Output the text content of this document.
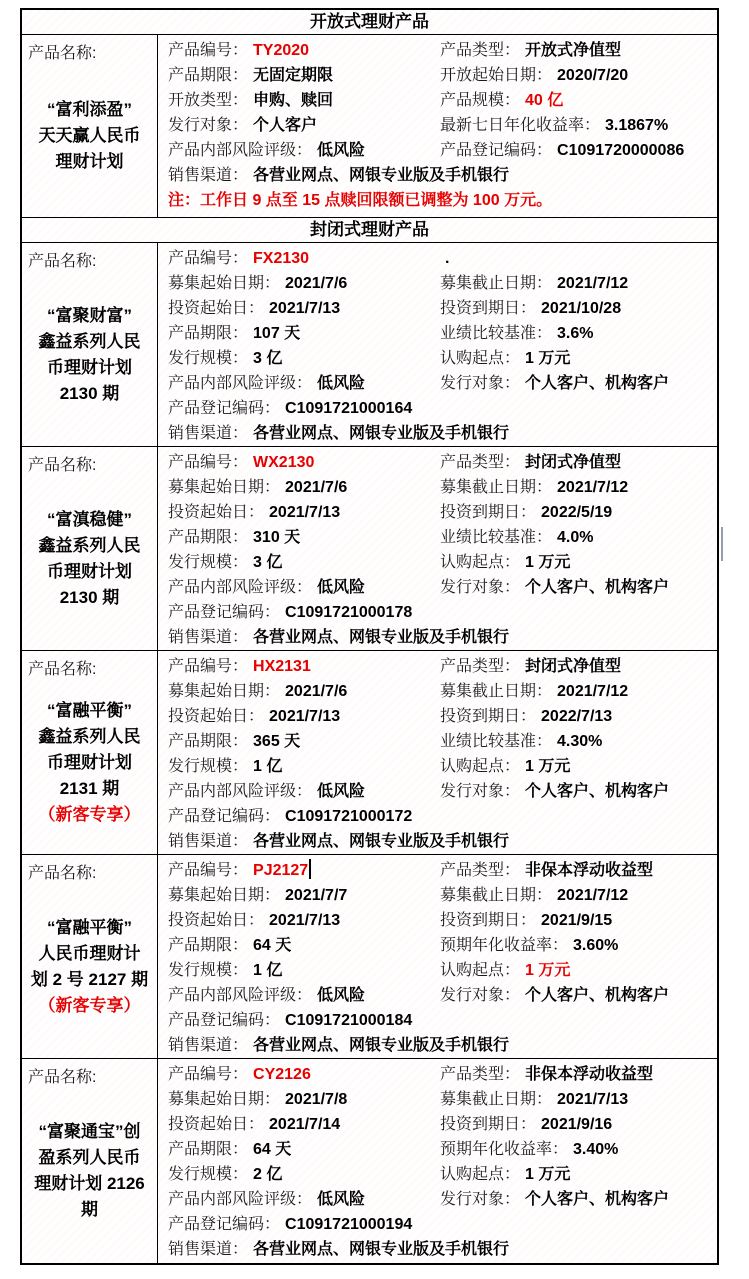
开放式理财产品
产品名称:
“富利添盈”
天天赢人民币
理财计划
产品编号： TY2020	产品类型： 开放式净值型
产品期限： 无固定期限	开放起始日期： 2020/7/20
开放类型： 申购、赎回	产品规模： 40 亿
发行对象： 个人客户	最新七日年化收益率： 3.1867%
产品内部风险评级： 低风险	产品登记编码： C1091720000086
销售渠道： 各营业网点、网银专业版及手机银行
注：工作日 9 点至 15 点赎回限额已调整为 100 万元。
封闭式理财产品
产品名称:
“富聚财富”
鑫益系列人民
币理财计划
2130 期
产品编号： FX2130	.
募集起始日期： 2021/7/6	募集截止日期： 2021/7/12
投资起始日： 2021/7/13	投资到期日： 2021/10/28
产品期限： 107 天	业绩比较基准： 3.6%
发行规模： 3 亿	认购起点： 1 万元
产品内部风险评级： 低风险	发行对象： 个人客户、机构客户
产品登记编码： C1091721000164
销售渠道： 各营业网点、网银专业版及手机银行
产品名称:
“富滇稳健”
鑫益系列人民
币理财计划
2130 期
产品编号： WX2130	产品类型： 封闭式净值型
募集起始日期： 2021/7/6	募集截止日期： 2021/7/12
投资起始日： 2021/7/13	投资到期日： 2022/5/19
产品期限： 310 天	业绩比较基准： 4.0%
发行规模： 3 亿	认购起点： 1 万元
产品内部风险评级： 低风险	发行对象： 个人客户、机构客户
产品登记编码： C1091721000178
销售渠道： 各营业网点、网银专业版及手机银行
产品名称:
“富融平衡”
鑫益系列人民
币理财计划
2131 期
（新客专享）
产品编号： HX2131	产品类型： 封闭式净值型
募集起始日期： 2021/7/6	募集截止日期： 2021/7/12
投资起始日： 2021/7/13	投资到期日： 2022/7/13
产品期限： 365 天	业绩比较基准： 4.30%
发行规模： 1 亿	认购起点： 1 万元
产品内部风险评级： 低风险	发行对象： 个人客户、机构客户
产品登记编码： C1091721000172
销售渠道： 各营业网点、网银专业版及手机银行
产品名称:
“富融平衡”
人民币理财计
划 2 号 2127 期
（新客专享）
产品编号： PJ2127	产品类型： 非保本浮动收益型
募集起始日期： 2021/7/7	募集截止日期： 2021/7/12
投资起始日： 2021/7/13	投资到期日： 2021/9/15
产品期限： 64 天	预期年化收益率： 3.60%
发行规模： 1 亿	认购起点： 1 万元
产品内部风险评级： 低风险	发行对象： 个人客户、机构客户
产品登记编码： C1091721000184
销售渠道： 各营业网点、网银专业版及手机银行
产品名称:
“富聚通宝”创
盈系列人民币
理财计划 2126
期
产品编号： CY2126	产品类型： 非保本浮动收益型
募集起始日期： 2021/7/8	募集截止日期： 2021/7/13
投资起始日： 2021/7/14	投资到期日： 2021/9/16
产品期限： 64 天	预期年化收益率： 3.40%
发行规模： 2 亿	认购起点： 1 万元
产品内部风险评级： 低风险	发行对象： 个人客户、机构客户
产品登记编码： C1091721000194
销售渠道： 各营业网点、网银专业版及手机银行
